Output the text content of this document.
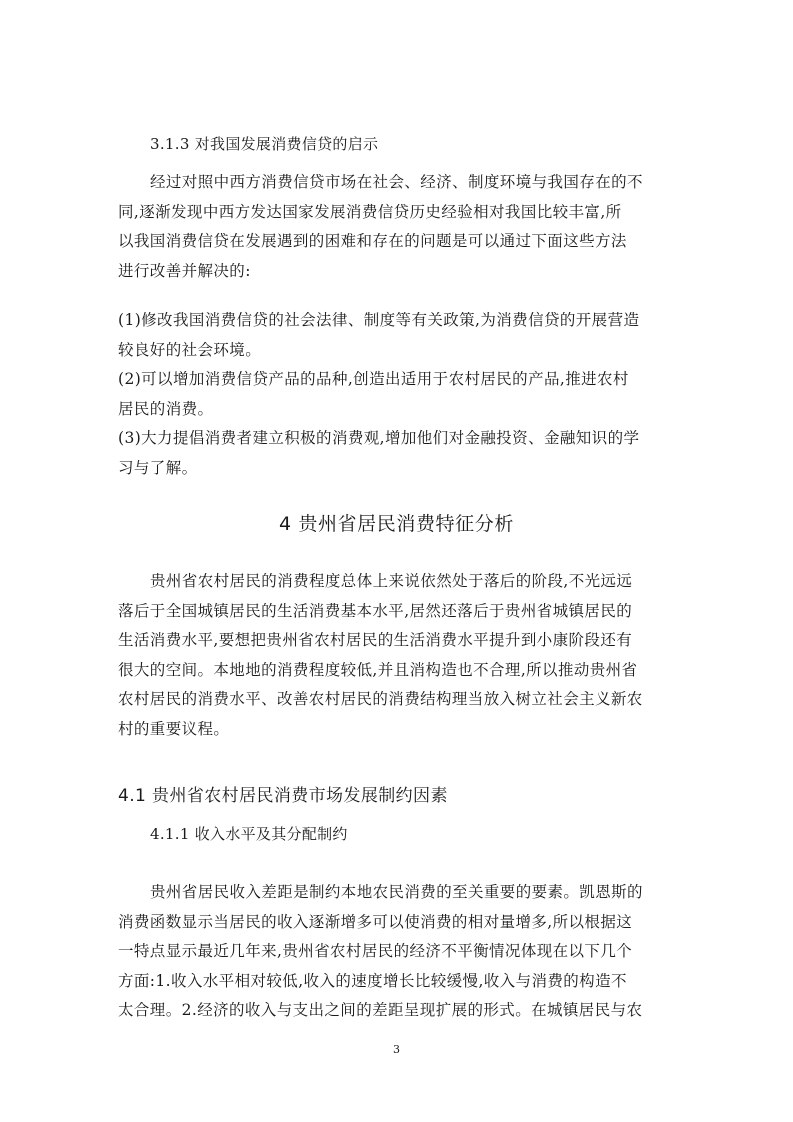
3.1.3 对我国发展消费信贷的启示
经过对照中西方消费信贷市场在社会、经济、制度环境与我国存在的不
同,逐渐发现中西方发达国家发展消费信贷历史经验相对我国比较丰富,所
以我国消费信贷在发展遇到的困难和存在的问题是可以通过下面这些方法
进行改善并解决的:
(1)修改我国消费信贷的社会法律、制度等有关政策,为消费信贷的开展营造
较良好的社会环境。
(2)可以增加消费信贷产品的品种,创造出适用于农村居民的产品,推进农村
居民的消费。
(3)大力提倡消费者建立积极的消费观,增加他们对金融投资、金融知识的学
习与了解。
4 贵州省居民消费特征分析
贵州省农村居民的消费程度总体上来说依然处于落后的阶段,不光远远
落后于全国城镇居民的生活消费基本水平,居然还落后于贵州省城镇居民的
生活消费水平,要想把贵州省农村居民的生活消费水平提升到小康阶段还有
很大的空间。本地地的消费程度较低,并且消构造也不合理,所以推动贵州省
农村居民的消费水平、改善农村居民的消费结构理当放入树立社会主义新农
村的重要议程。
4.1 贵州省农村居民消费市场发展制约因素
4.1.1 收入水平及其分配制约
贵州省居民收入差距是制约本地农民消费的至关重要的要素。凯恩斯的
消费函数显示当居民的收入逐渐增多可以使消费的相对量增多,所以根据这
一特点显示最近几年来,贵州省农村居民的经济不平衡情况体现在以下几个
方面:1.收入水平相对较低,收入的速度增长比较缓慢,收入与消费的构造不
太合理。2.经济的收入与支出之间的差距呈现扩展的形式。在城镇居民与农
3
